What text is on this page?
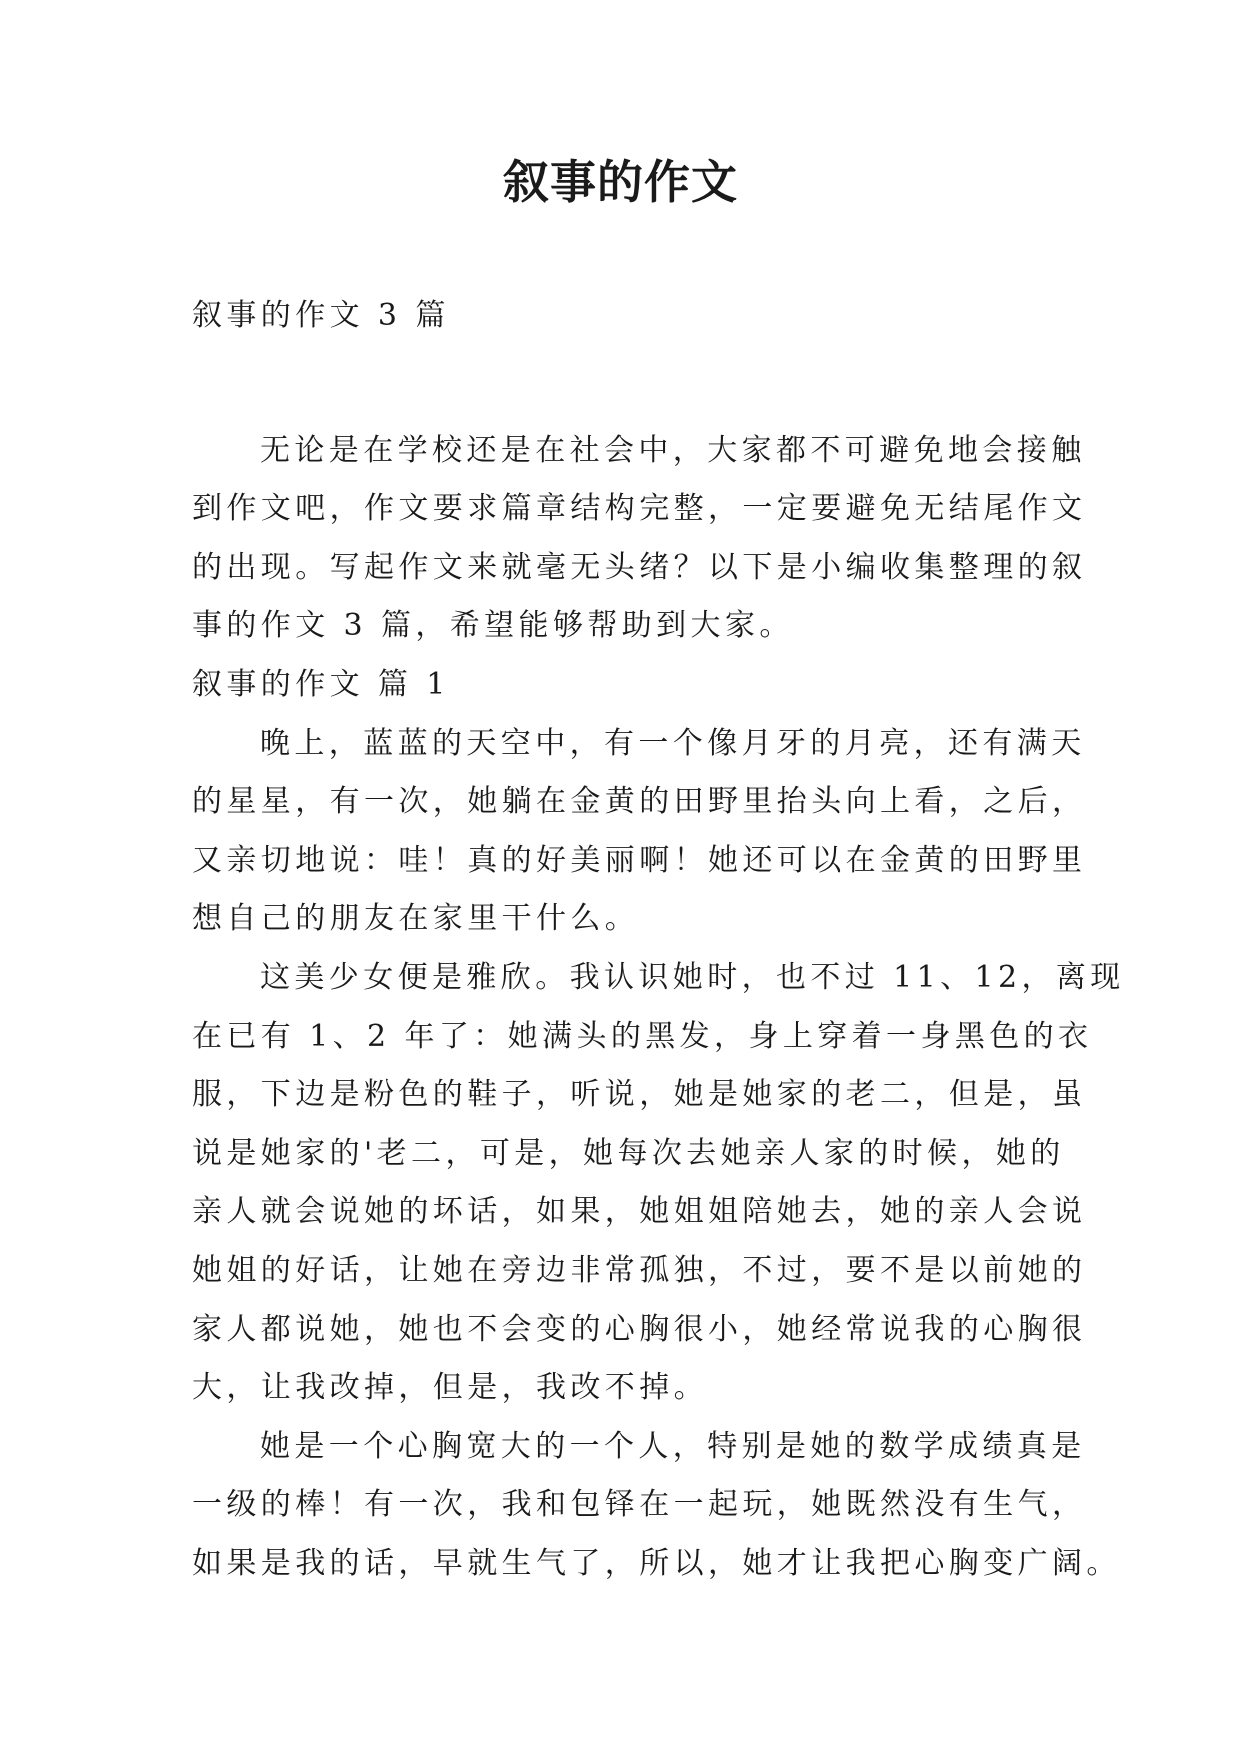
叙事的作文
叙事的作文 3 篇
无论是在学校还是在社会中，大家都不可避免地会接触
到作文吧，作文要求篇章结构完整，一定要避免无结尾作文
的出现。写起作文来就毫无头绪？以下是小编收集整理的叙
事的作文 3 篇，希望能够帮助到大家。
叙事的作文 篇 1
晚上，蓝蓝的天空中，有一个像月牙的月亮，还有满天
的星星，有一次，她躺在金黄的田野里抬头向上看，之后，
又亲切地说：哇！真的好美丽啊！她还可以在金黄的田野里
想自己的朋友在家里干什么。
这美少女便是雅欣。我认识她时，也不过 11、12，离现
在已有 1、2 年了：她满头的黑发，身上穿着一身黑色的衣
服，下边是粉色的鞋子，听说，她是她家的老二，但是，虽
说是她家的'老二，可是，她每次去她亲人家的时候，她的
亲人就会说她的坏话，如果，她姐姐陪她去，她的亲人会说
她姐的好话，让她在旁边非常孤独，不过，要不是以前她的
家人都说她，她也不会变的心胸很小，她经常说我的心胸很
大，让我改掉，但是，我改不掉。
她是一个心胸宽大的一个人，特别是她的数学成绩真是
一级的棒！有一次，我和包铎在一起玩，她既然没有生气，
如果是我的话，早就生气了，所以，她才让我把心胸变广阔。
